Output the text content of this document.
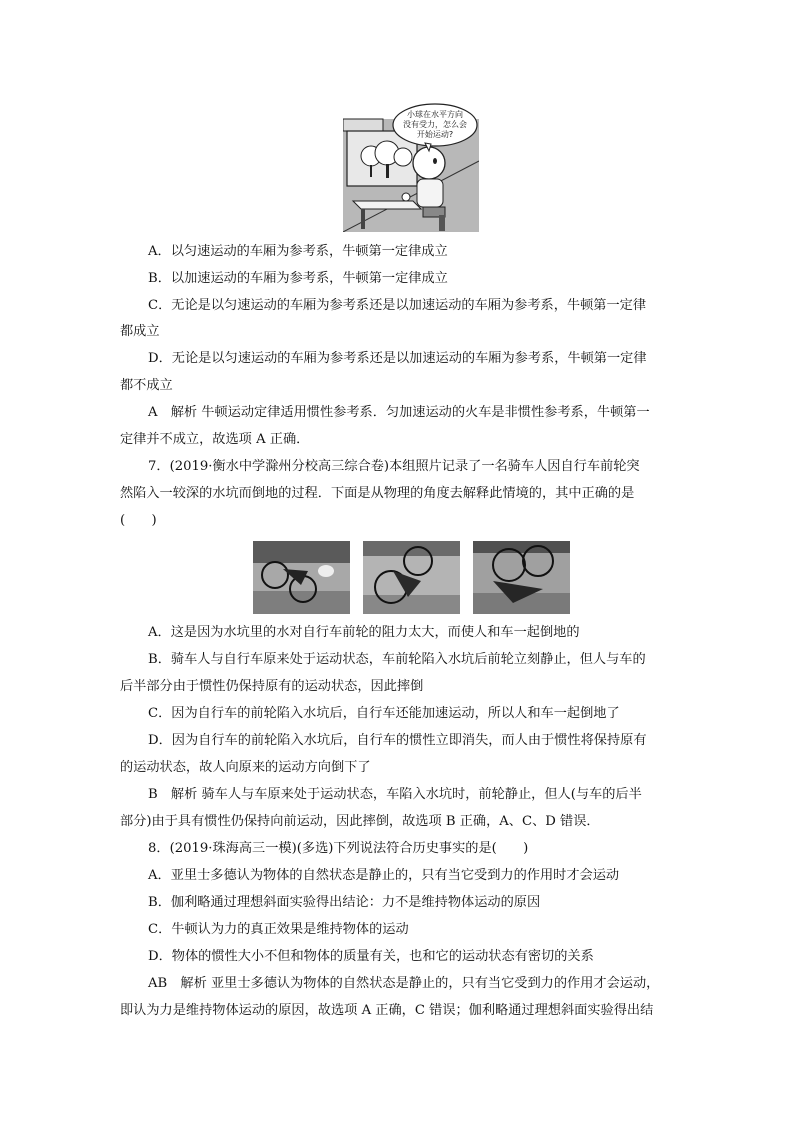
小球在水平方向
没有受力，怎么会
开始运动?
A．以匀速运动的车厢为参考系，牛顿第一定律成立
B．以加速运动的车厢为参考系，牛顿第一定律成立
C．无论是以匀速运动的车厢为参考系还是以加速运动的车厢为参考系，牛顿第一定律
都成立
D．无论是以匀速运动的车厢为参考系还是以加速运动的车厢为参考系，牛顿第一定律
都不成立
A　解析 牛顿运动定律适用惯性参考系．匀加速运动的火车是非惯性参考系，牛顿第一
定律并不成立，故选项 A 正确．
7．(2019·衡水中学滁州分校高三综合卷)本组照片记录了一名骑车人因自行车前轮突
然陷入一较深的水坑而倒地的过程．下面是从物理的角度去解释此情境的，其中正确的是
(　　)
A．这是因为水坑里的水对自行车前轮的阻力太大，而使人和车一起倒地的
B．骑车人与自行车原来处于运动状态，车前轮陷入水坑后前轮立刻静止，但人与车的
后半部分由于惯性仍保持原有的运动状态，因此摔倒
C．因为自行车的前轮陷入水坑后，自行车还能加速运动，所以人和车一起倒地了
D．因为自行车的前轮陷入水坑后，自行车的惯性立即消失，而人由于惯性将保持原有
的运动状态，故人向原来的运动方向倒下了
B　解析 骑车人与车原来处于运动状态，车陷入水坑时，前轮静止，但人(与车的后半
部分)由于具有惯性仍保持向前运动，因此摔倒，故选项 B 正确，A、C、D 错误．
8．(2019·珠海高三一模)(多选)下列说法符合历史事实的是(　　)
A．亚里士多德认为物体的自然状态是静止的，只有当它受到力的作用时才会运动
B．伽利略通过理想斜面实验得出结论：力不是维持物体运动的原因
C．牛顿认为力的真正效果是维持物体的运动
D．物体的惯性大小不但和物体的质量有关，也和它的运动状态有密切的关系
AB　解析 亚里士多德认为物体的自然状态是静止的，只有当它受到力的作用才会运动，
即认为力是维持物体运动的原因，故选项 A 正确，C 错误；伽利略通过理想斜面实验得出结
